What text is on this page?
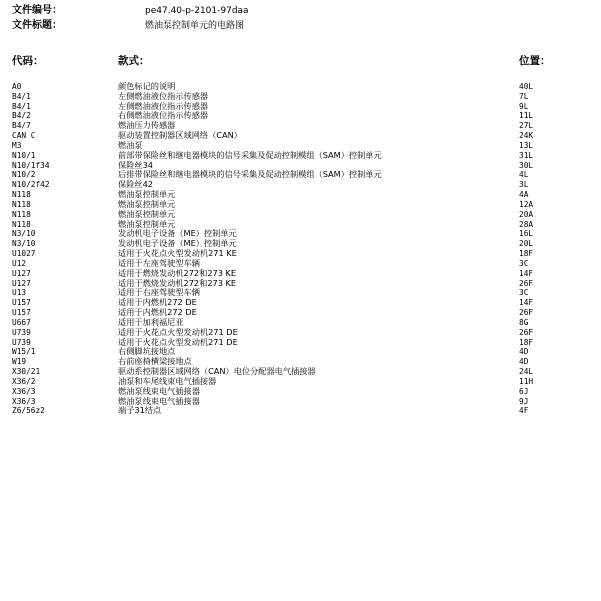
文件编号：	pe47.40-p-2101-97daa
文件标题：	燃油泵控制单元的电路图
代码：	款式：	位置：
A0	颜色标记的说明	40L
B4/1	左侧燃油液位指示传感器	7L
B4/1	左侧燃油液位指示传感器	9L
B4/2	右侧燃油液位指示传感器	11L
B4/7	燃油压力传感器	27L
CAN C	驱动装置控制器区域网络（CAN）	24K
M3	燃油泵	13L
N10/1	前部带保险丝和继电器模块的信号采集及促动控制模组（SAM）控制单元	31L
N10/1f34	保险丝34	30L
N10/2	后排带保险丝和继电器模块的信号采集及促动控制模组（SAM）控制单元	4L
N10/2f42	保险丝42	3L
N118	燃油泵控制单元	4A
N118	燃油泵控制单元	12A
N118	燃油泵控制单元	20A
N118	燃油泵控制单元	28A
N3/10	发动机电子设备（ME）控制单元	16L
N3/10	发动机电子设备（ME）控制单元	20L
U1027	适用于火花点火型发动机271 KE	18F
U12	适用于左座驾驶型车辆	3C
U127	适用于燃烧发动机272和273 KE	14F
U127	适用于燃烧发动机272和273 KE	26F
U13	适用于右座驾驶型车辆	3C
U157	适用于内燃机272 DE	14F
U157	适用于内燃机272 DE	26F
U667	适用于加利福尼亚	8G
U739	适用于火花点火型发动机271 DE	26F
U739	适用于火花点火型发动机271 DE	18F
W15/1	右侧脚坑接地点	4D
W19	右前座椅横梁接地点	4D
X30/21	驱动系控制器区域网络（CAN）电位分配器电气插接器	24L
X36/2	油泵和车尾线束电气插接器	11H
X36/3	燃油泵线束电气插接器	6J
X36/3	燃油泵线束电气插接器	9J
Z6/56z2	端子31结点	4F
